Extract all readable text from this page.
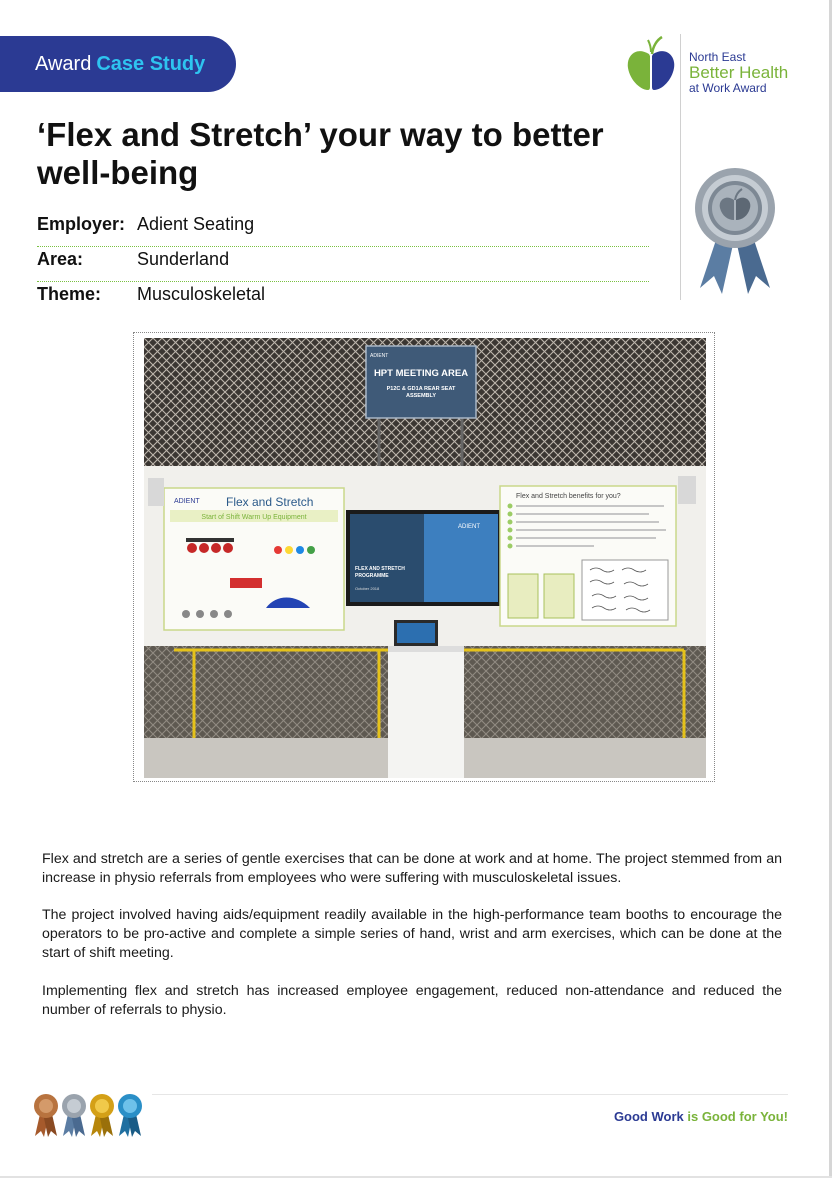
Award Case Study	North East
Better Health
at Work Award
‘Flex and Stretch’ your way to better well-being
Employer: Adient Seating
Area:	Sunderland
Theme: Musculoskeletal
ADIENT
HPT MEETING AREA
P12C & GD1A REAR SEAT
ASSEMBLY
ADIENT Flex and Stretch
Start of Shift Warm Up Equipment
ADIENT
FLEX AND STRETCH
PROGRAMME
October 2018
Flex and Stretch benefits for you?

Flex and stretch are a series of gentle exercises that can be done at work and at home. The project stemmed from an increase in physio referrals from employees who were suffering with musculoskeletal issues.

The project involved having aids/equipment readily available in the high-performance team booths to encourage the operators to be pro-active and complete a simple series of hand, wrist and arm exercises, which can be done at the start of shift meeting.

Implementing flex and stretch has increased employee engagement, reduced non-attendance and reduced the number of referrals to physio.

Good Work is Good for You!
